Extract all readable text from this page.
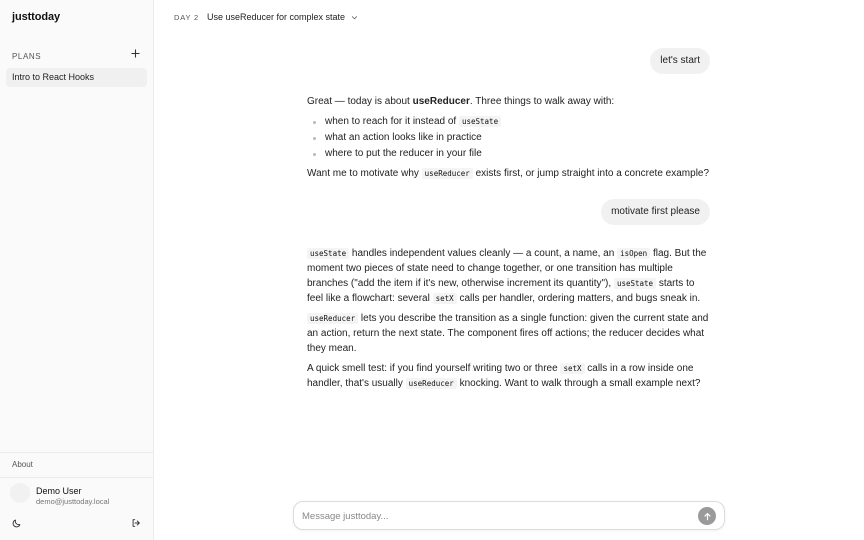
justtoday
PLANS
Intro to React Hooks
About
Demo User
demo@justtoday.local
DAY 2 Use useReducer for complex state
let's start

Great — today is about useReducer. Three things to walk away with:

when to reach for it instead of useState
what an action looks like in practice
where to put the reducer in your file

Want me to motivate why useReducer exists first, or jump straight into a concrete example?

motivate first please

useState handles independent values cleanly — a count, a name, an isOpen flag. But the moment two pieces of state need to change together, or one transition has multiple branches ("add the item if it's new, otherwise increment its quantity"), useState starts to feel like a flowchart: several setX calls per handler, ordering matters, and bugs sneak in.

useReducer lets you describe the transition as a single function: given the current state and an action, return the next state. The component fires off actions; the reducer decides what they mean.

A quick smell test: if you find yourself writing two or three setX calls in a row inside one handler, that's usually useReducer knocking. Want to walk through a small example next?

Message justtoday...
